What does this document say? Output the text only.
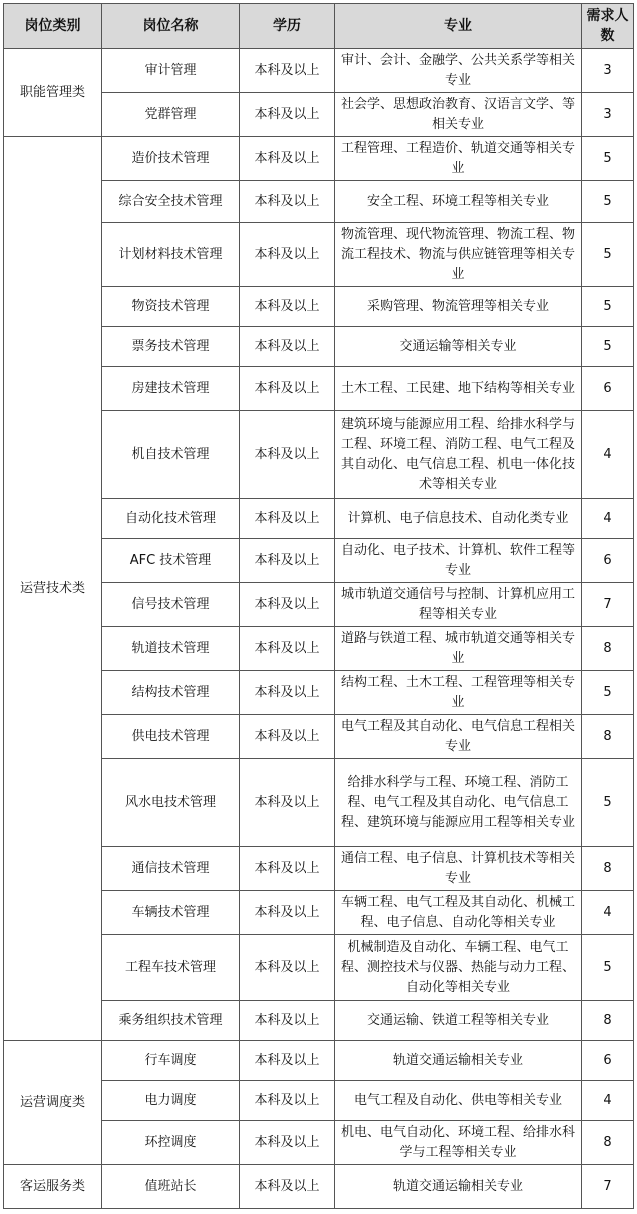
岗位类别	岗位名称	学历	专业	需求人数
职能管理类	审计管理	本科及以上	审计、会计、金融学、公共关系学等相关专业	3
	党群管理	本科及以上	社会学、思想政治教育、汉语言文学、等相关专业	3
运营技术类	造价技术管理	本科及以上	工程管理、工程造价、轨道交通等相关专业	5
	综合安全技术管理	本科及以上	安全工程、环境工程等相关专业	5
	计划材料技术管理	本科及以上	物流管理、现代物流管理、物流工程、物流工程技术、物流与供应链管理等相关专业	5
	物资技术管理	本科及以上	采购管理、物流管理等相关专业	5
	票务技术管理	本科及以上	交通运输等相关专业	5
	房建技术管理	本科及以上	土木工程、工民建、地下结构等相关专业	6
	机自技术管理	本科及以上	建筑环境与能源应用工程、给排水科学与工程、环境工程、消防工程、电气工程及其自动化、电气信息工程、机电一体化技术等相关专业	4
	自动化技术管理	本科及以上	计算机、电子信息技术、自动化类专业	4
	AFC 技术管理	本科及以上	自动化、电子技术、计算机、软件工程等专业	6
	信号技术管理	本科及以上	城市轨道交通信号与控制、计算机应用工程等相关专业	7
	轨道技术管理	本科及以上	道路与铁道工程、城市轨道交通等相关专业	8
	结构技术管理	本科及以上	结构工程、土木工程、工程管理等相关专业	5
	供电技术管理	本科及以上	电气工程及其自动化、电气信息工程相关专业	8
	风水电技术管理	本科及以上	给排水科学与工程、环境工程、消防工程、电气工程及其自动化、电气信息工程、建筑环境与能源应用工程等相关专业	5
	通信技术管理	本科及以上	通信工程、电子信息、计算机技术等相关专业	8
	车辆技术管理	本科及以上	车辆工程、电气工程及其自动化、机械工程、电子信息、自动化等相关专业	4
	工程车技术管理	本科及以上	机械制造及自动化、车辆工程、电气工程、测控技术与仪器、热能与动力工程、自动化等相关专业	5
	乘务组织技术管理	本科及以上	交通运输、铁道工程等相关专业	8
运营调度类	行车调度	本科及以上	轨道交通运输相关专业	6
	电力调度	本科及以上	电气工程及自动化、供电等相关专业	4
	环控调度	本科及以上	机电、电气自动化、环境工程、给排水科学与工程等相关专业	8
客运服务类	值班站长	本科及以上	轨道交通运输相关专业	7
